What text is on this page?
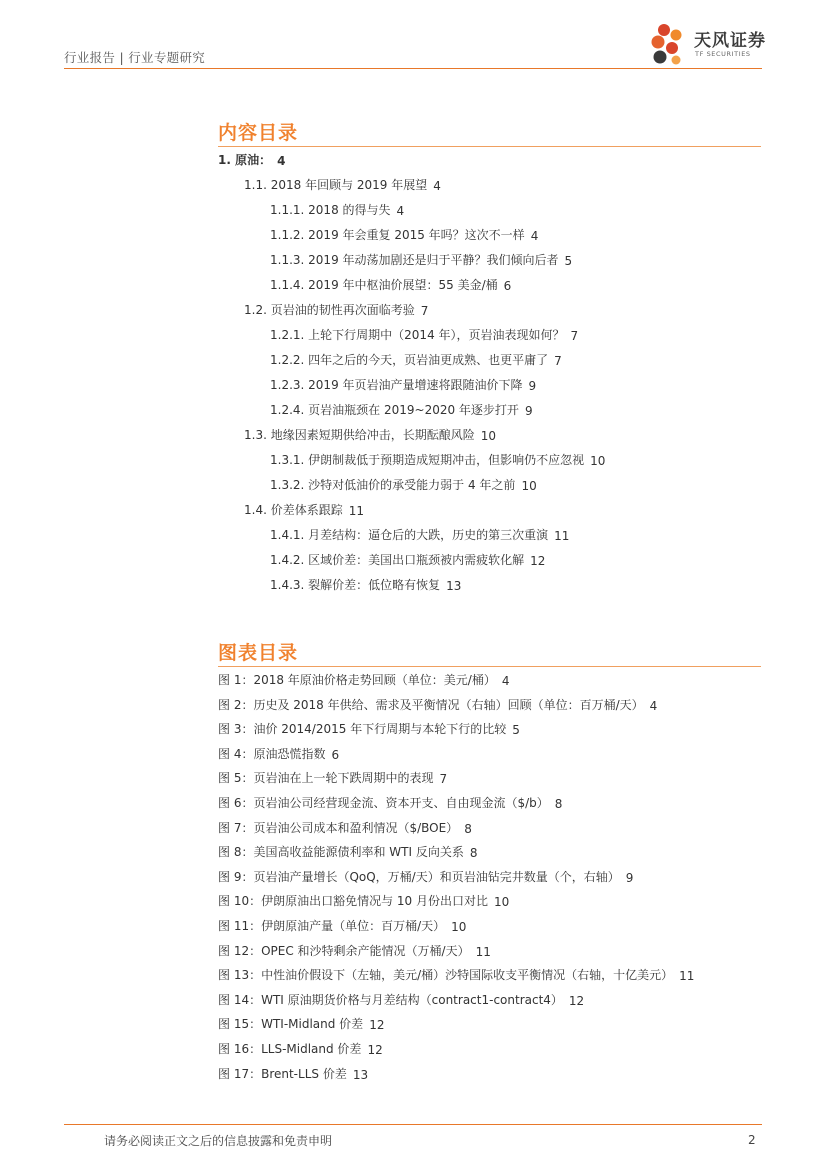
行业报告 | 行业专题研究
天风证券
TF SECURITIES
内容目录
1. 原油： 4
1.1. 2018 年回顾与 2019 年展望 4
1.1.1. 2018 的得与失 4
1.1.2. 2019 年会重复 2015 年吗？这次不一样 4
1.1.3. 2019 年动荡加剧还是归于平静？我们倾向后者 5
1.1.4. 2019 年中枢油价展望：55 美金/桶 6
1.2. 页岩油的韧性再次面临考验 7
1.2.1. 上轮下行周期中（2014 年），页岩油表现如何？ 7
1.2.2. 四年之后的今天，页岩油更成熟、也更平庸了 7
1.2.3. 2019 年页岩油产量增速将跟随油价下降 9
1.2.4. 页岩油瓶颈在 2019~2020 年逐步打开 9
1.3. 地缘因素短期供给冲击，长期酝酿风险 10
1.3.1. 伊朗制裁低于预期造成短期冲击，但影响仍不应忽视 10
1.3.2. 沙特对低油价的承受能力弱于 4 年之前 10
1.4. 价差体系跟踪 11
1.4.1. 月差结构：逼仓后的大跌，历史的第三次重演 11
1.4.2. 区域价差：美国出口瓶颈被内需疲软化解 12
1.4.3. 裂解价差：低位略有恢复 13
图表目录
图 1：2018 年原油价格走势回顾（单位：美元/桶） 4
图 2：历史及 2018 年供给、需求及平衡情况（右轴）回顾（单位：百万桶/天） 4
图 3：油价 2014/2015 年下行周期与本轮下行的比较 5
图 4：原油恐慌指数 6
图 5：页岩油在上一轮下跌周期中的表现 7
图 6：页岩油公司经营现金流、资本开支、自由现金流（$/b） 8
图 7：页岩油公司成本和盈利情况（$/BOE） 8
图 8：美国高收益能源债利率和 WTI 反向关系 8
图 9：页岩油产量增长（QoQ，万桶/天）和页岩油钻完井数量（个，右轴） 9
图 10：伊朗原油出口豁免情况与 10 月份出口对比 10
图 11：伊朗原油产量（单位：百万桶/天） 10
图 12：OPEC 和沙特剩余产能情况（万桶/天） 11
图 13：中性油价假设下（左轴，美元/桶）沙特国际收支平衡情况（右轴，十亿美元） 11
图 14：WTI 原油期货价格与月差结构（contract1-contract4） 12
图 15：WTI-Midland 价差 12
图 16：LLS-Midland 价差 12
图 17：Brent-LLS 价差 13
请务必阅读正文之后的信息披露和免责申明	2
